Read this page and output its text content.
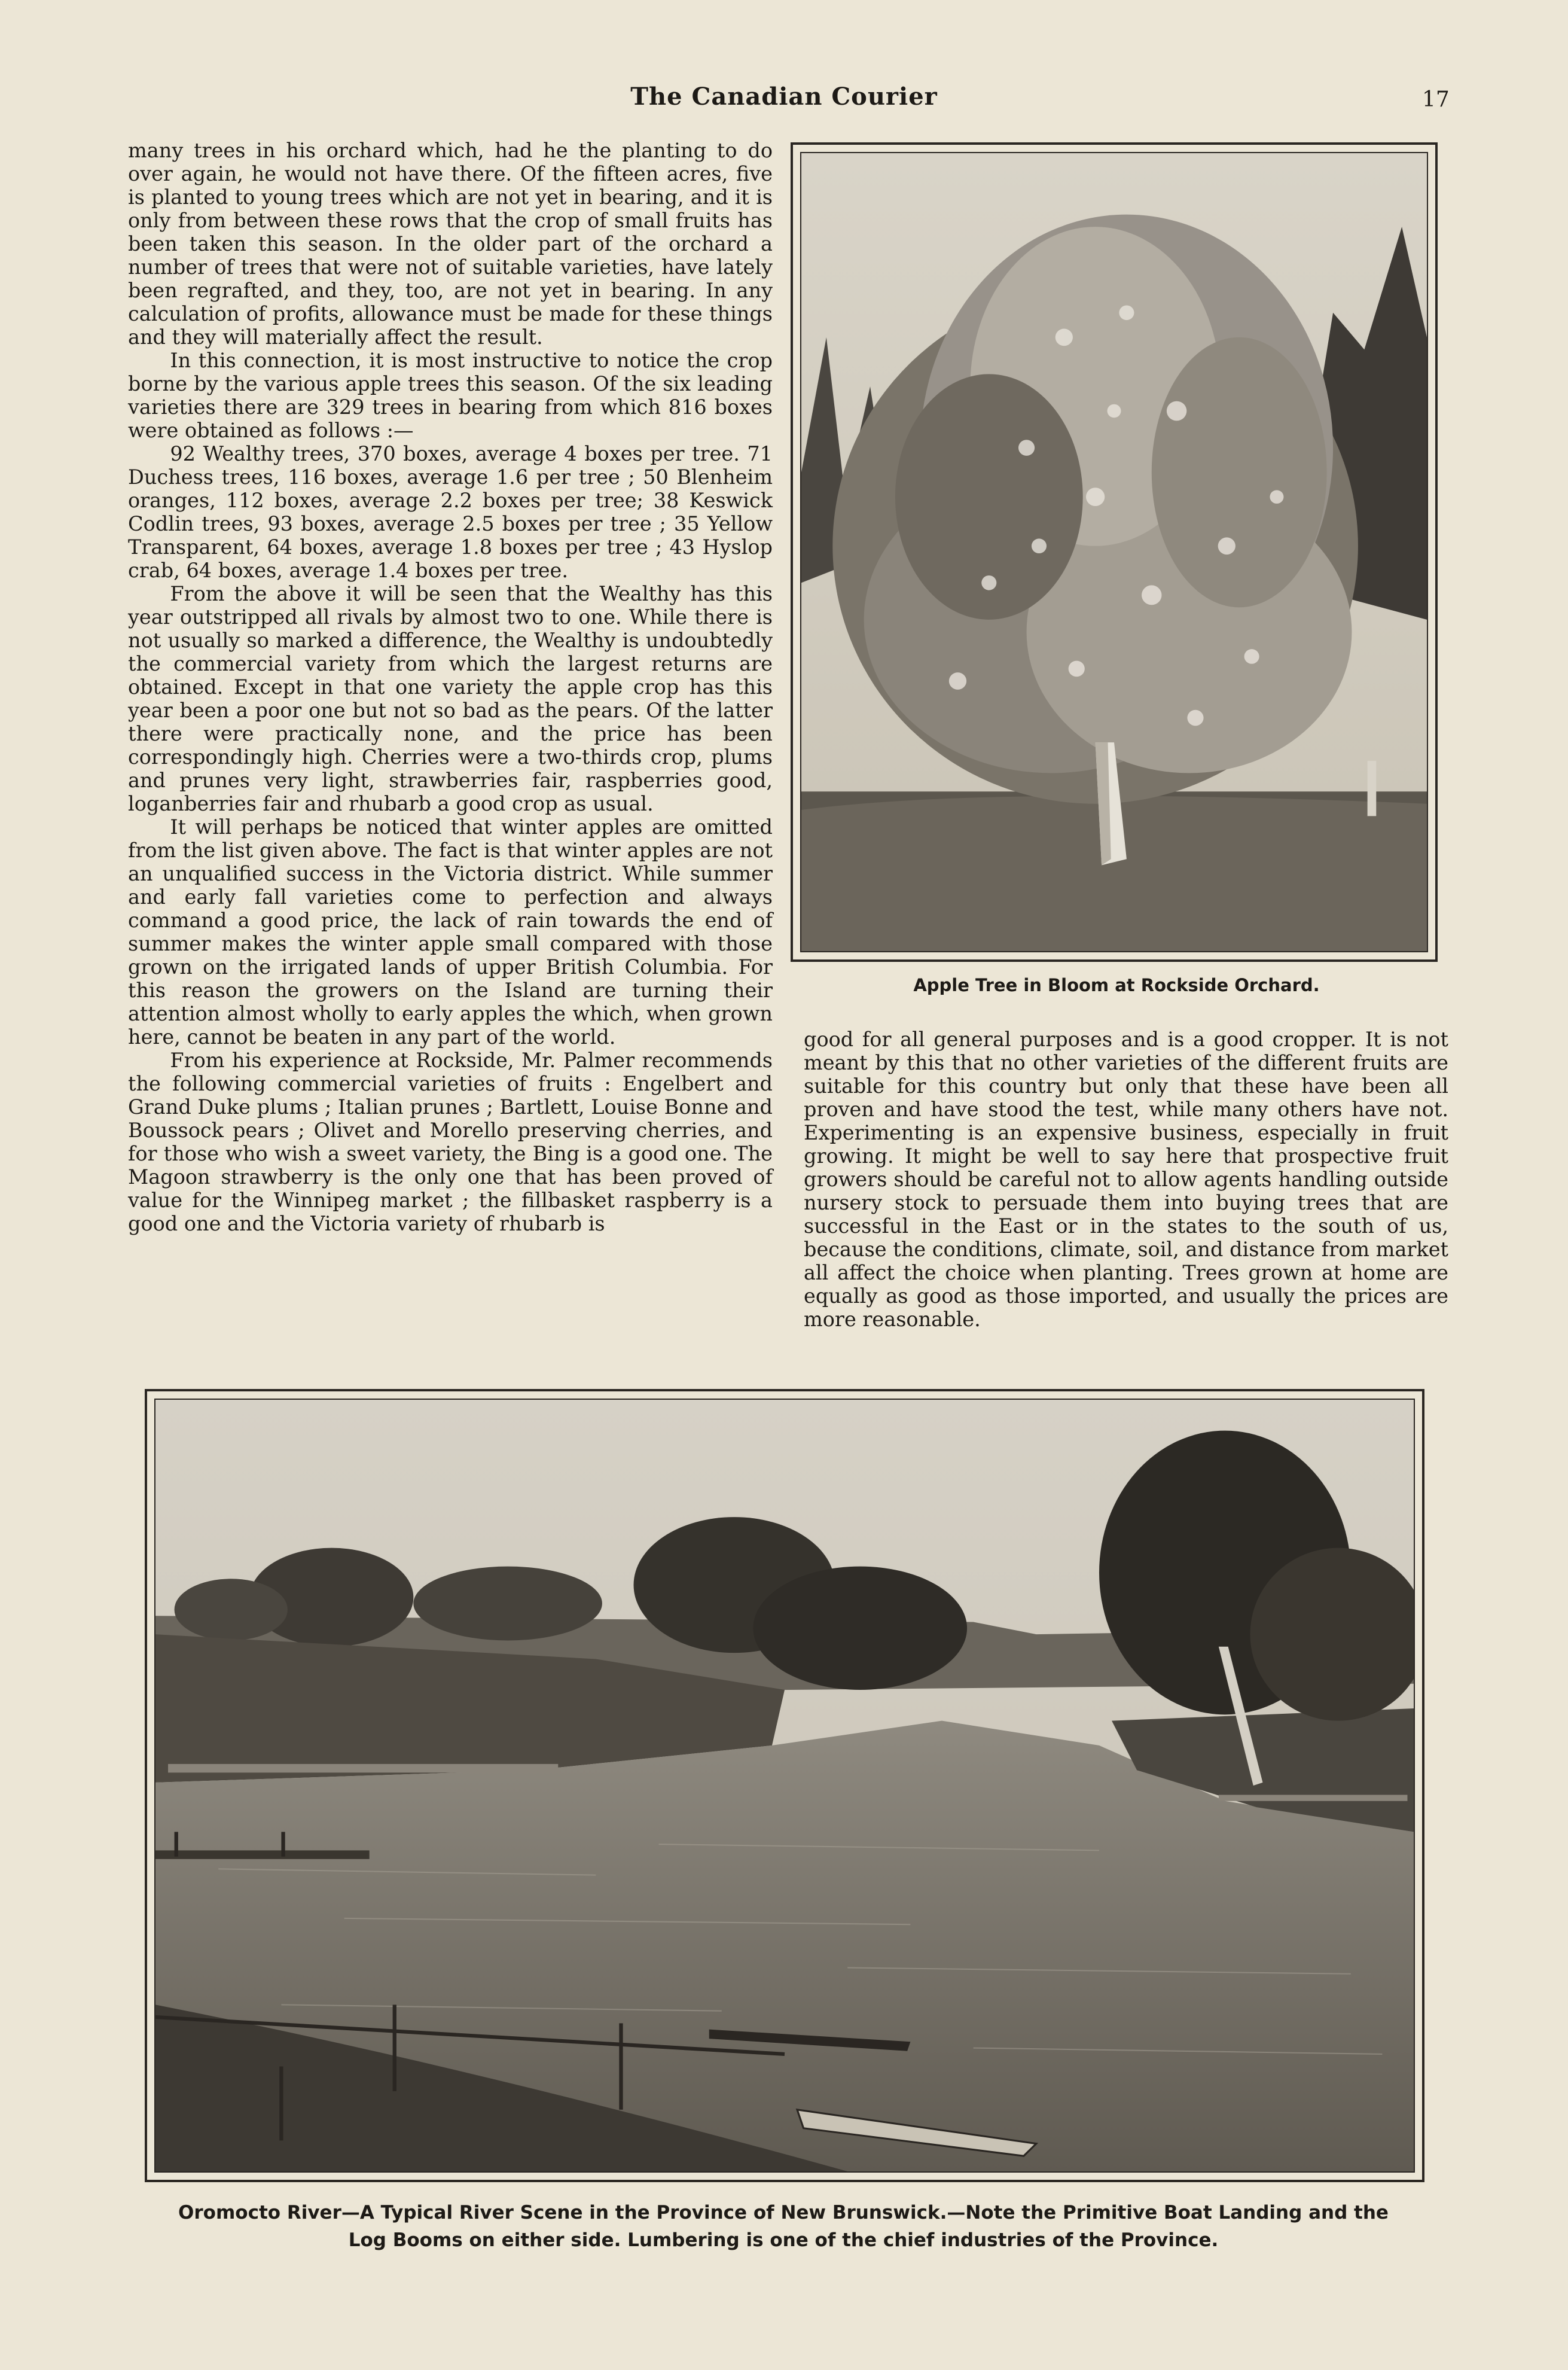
The Canadian Courier	17

many trees in his orchard which, had he the planting to do over again, he would not have there. Of the fifteen acres, five is planted to young trees which are not yet in bearing, and it is only from between these rows that the crop of small fruits has been taken this season. In the older part of the orchard a number of trees that were not of suitable varieties, have lately been regrafted, and they, too, are not yet in bearing. In any calculation of profits, allowance must be made for these things and they will materially affect the result.

In this connection, it is most instructive to notice the crop borne by the various apple trees this season. Of the six leading varieties there are 329 trees in bearing from which 816 boxes were obtained as follows :—

92 Wealthy trees, 370 boxes, average 4 boxes per tree. 71 Duchess trees, 116 boxes, average 1.6 per tree ; 50 Blenheim oranges, 112 boxes, average 2.2 boxes per tree; 38 Keswick Codlin trees, 93 boxes, average 2.5 boxes per tree ; 35 Yellow Transparent, 64 boxes, average 1.8 boxes per tree ; 43 Hyslop crab, 64 boxes, average 1.4 boxes per tree.

From the above it will be seen that the Wealthy has this year outstripped all rivals by almost two to one. While there is not usually so marked a difference, the Wealthy is undoubtedly the commercial variety from which the largest returns are obtained. Except in that one variety the apple crop has this year been a poor one but not so bad as the pears. Of the latter there were practically none, and the price has been correspondingly high. Cherries were a two-thirds crop, plums and prunes very light, strawberries fair, raspberries good, loganberries fair and rhubarb a good crop as usual.

It will perhaps be noticed that winter apples are omitted from the list given above. The fact is that winter apples are not an unqualified success in the Victoria district. While summer and early fall varieties come to perfection and always command a good price, the lack of rain towards the end of summer makes the winter apple small compared with those grown on the irrigated lands of upper British Columbia. For this reason the growers on the Island are turning their attention almost wholly to early apples the which, when grown here, cannot be beaten in any part of the world.

From his experience at Rockside, Mr. Palmer recommends the following commercial varieties of fruits : Engelbert and Grand Duke plums ; Italian prunes ; Bartlett, Louise Bonne and Boussock pears ; Olivet and Morello preserving cherries, and for those who wish a sweet variety, the Bing is a good one. The Magoon strawberry is the only one that has been proved of value for the Winnipeg market ; the fillbasket raspberry is a good one and the Victoria variety of rhubarb is

Apple Tree in Bloom at Rockside Orchard.

good for all general purposes and is a good cropper. It is not meant by this that no other varieties of the different fruits are suitable for this country but only that these have been all proven and have stood the test, while many others have not. Experimenting is an expensive business, especially in fruit growing. It might be well to say here that prospective fruit growers should be careful not to allow agents handling outside nursery stock to persuade them into buying trees that are successful in the East or in the states to the south of us, because the conditions, climate, soil, and distance from market all affect the choice when planting. Trees grown at home are equally as good as those imported, and usually the prices are more reasonable.

Oromocto River—A Typical River Scene in the Province of New Brunswick.—Note the Primitive Boat Landing and the
Log Booms on either side. Lumbering is one of the chief industries of the Province.
